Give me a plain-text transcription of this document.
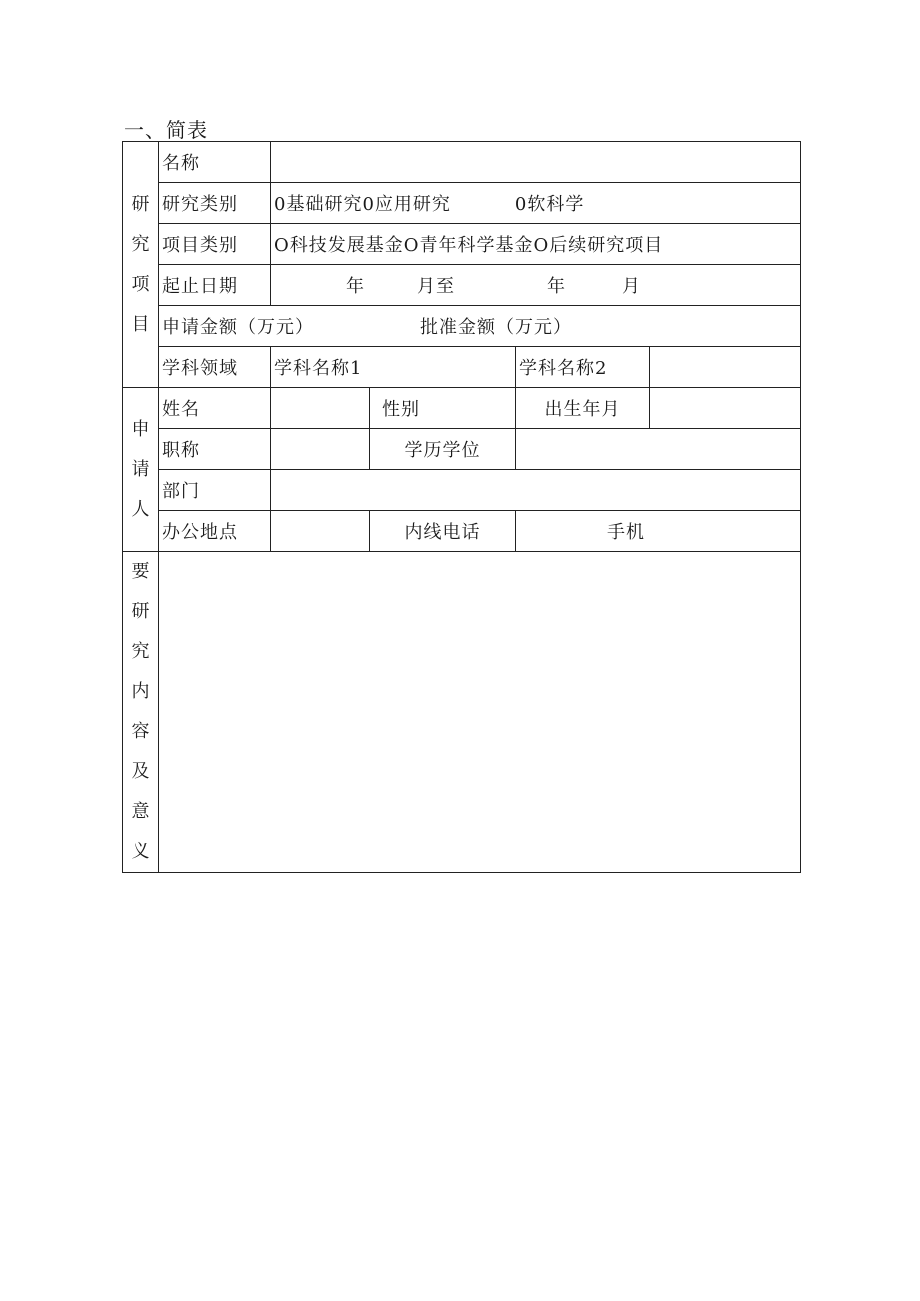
一、简表
研究项目	名称				
	研究类别	0基础研究0应用研究 0软科学			
	项目类别	O科技发展基金O青年科学基金O后续研究项目			
	起止日期	年 月至 年 月			
	申请金额（万元） 批准金额（万元）				
	学科领域	学科名称1		学科名称2	

申请人	姓名		性别	出生年月	
	职称		学历学位		
	部门				
	办公地点		内线电话	手机	

要研究内容及意义					
